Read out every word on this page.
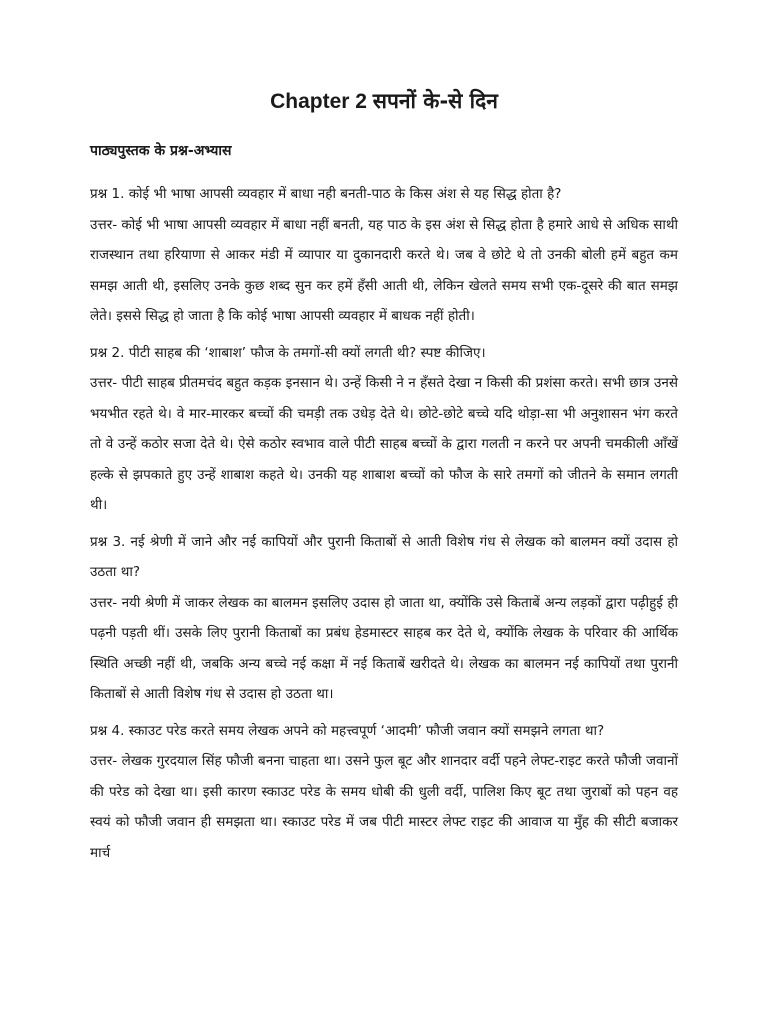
Chapter 2 सपनों के-से दिन
पाठ्यपुस्तक के प्रश्न-अभ्यास

प्रश्न 1. कोई भी भाषा आपसी व्यवहार में बाधा नही बनती-पाठ के किस अंश से यह सिद्ध होता है?

उत्तर- कोई भी भाषा आपसी व्यवहार में बाधा नहीं बनती, यह पाठ के इस अंश से सिद्ध होता है हमारे आधे से अधिक साथी राजस्थान तथा हरियाणा से आकर मंडी में व्यापार या दुकानदारी करते थे। जब वे छोटे थे तो उनकी बोली हमें बहुत कम समझ आती थी, इसलिए उनके कुछ शब्द सुन कर हमें हँसी आती थी, लेकिन खेलते समय सभी एक-दूसरे की बात समझ लेते। इससे सिद्ध हो जाता है कि कोई भाषा आपसी व्यवहार में बाधक नहीं होती।

प्रश्न 2. पीटी साहब की ‘शाबाश’ फौज के तमगों-सी क्यों लगती थी? स्पष्ट कीजिए।

उत्तर- पीटी साहब प्रीतमचंद बहुत कड़क इनसान थे। उन्हें किसी ने न हँसते देखा न किसी की प्रशंसा करते। सभी छात्र उनसे भयभीत रहते थे। वे मार-मारकर बच्चों की चमड़ी तक उधेड़ देते थे। छोटे-छोटे बच्चे यदि थोड़ा-सा भी अनुशासन भंग करते तो वे उन्हें कठोर सजा देते थे। ऐसे कठोर स्वभाव वाले पीटी साहब बच्चों के द्वारा गलती न करने पर अपनी चमकीली आँखें हल्के से झपकाते हुए उन्हें शाबाश कहते थे। उनकी यह शाबाश बच्चों को फौज के सारे तमगों को जीतने के समान लगती थी।

प्रश्न 3. नई श्रेणी में जाने और नई कापियों और पुरानी किताबों से आती विशेष गंध से लेखक को बालमन क्यों उदास हो उठता था?

उत्तर- नयी श्रेणी में जाकर लेखक का बालमन इसलिए उदास हो जाता था, क्योंकि उसे किताबें अन्य लड़कों द्वारा पढ़ीहुई ही पढ़नी पड़ती थीं। उसके लिए पुरानी किताबों का प्रबंध हेडमास्टर साहब कर देते थे, क्योंकि लेखक के परिवार की आर्थिक स्थिति अच्छी नहीं थी, जबकि अन्य बच्चे नई कक्षा में नई किताबें खरीदते थे। लेखक का बालमन नई कापियों तथा पुरानी किताबों से आती विशेष गंध से उदास हो उठता था।

प्रश्न 4. स्काउट परेड करते समय लेखक अपने को महत्त्वपूर्ण ‘आदमी’ फौजी जवान क्यों समझने लगता था?

उत्तर- लेखक गुरदयाल सिंह फौजी बनना चाहता था। उसने फुल बूट और शानदार वर्दी पहने लेफ्ट-राइट करते फौजी जवानों की परेड को देखा था। इसी कारण स्काउट परेड के समय धोबी की धुली वर्दी, पालिश किए बूट तथा जुराबों को पहन वह स्वयं को फौजी जवान ही समझता था। स्काउट परेड में जब पीटी मास्टर लेफ्ट राइट की आवाज या मुँह की सीटी बजाकर मार्च
